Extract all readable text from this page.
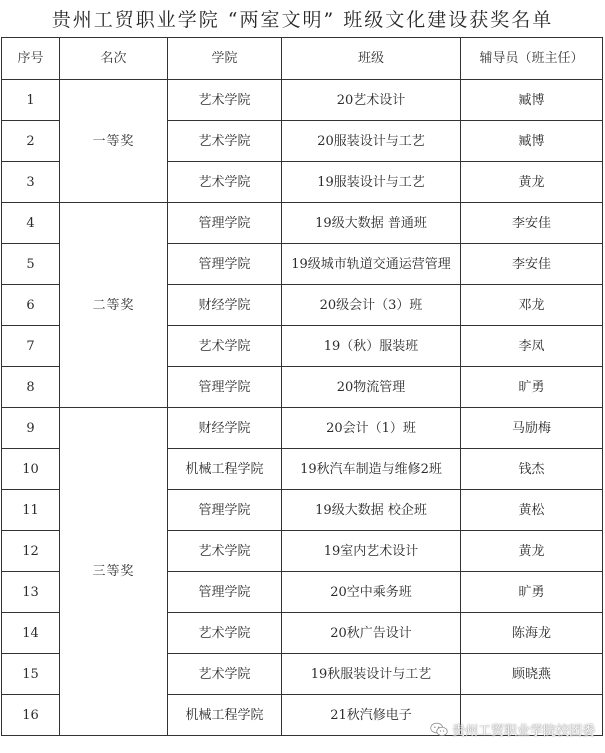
贵州工贸职业学院 “两室文明” 班级文化建设获奖名单
序号	名次	学院	班级	辅导员（班主任）
1	一等奖	艺术学院	20艺术设计	臧博
2		艺术学院	20服装设计与工艺	臧博
3		艺术学院	19服装设计与工艺	黄龙
4	二等奖	管理学院	19级大数据 普通班	李安佳
5		管理学院	19级城市轨道交通运营管理	李安佳
6		财经学院	20级会计（3）班	邓龙
7		艺术学院	19（秋）服装班	李凤
8		管理学院	20物流管理	旷勇
9	三等奖	财经学院	20会计（1）班	马励梅
10		机械工程学院	19秋汽车制造与维修2班	钱杰
11		管理学院	19级大数据 校企班	黄松
12		艺术学院	19室内艺术设计	黄龙
13		管理学院	20空中乘务班	旷勇
14		艺术学院	20秋广告设计	陈海龙
15		艺术学院	19秋服装设计与工艺	顾晓燕
16		机械工程学院	21秋汽修电子	
贵州工贸职业学院校团委
